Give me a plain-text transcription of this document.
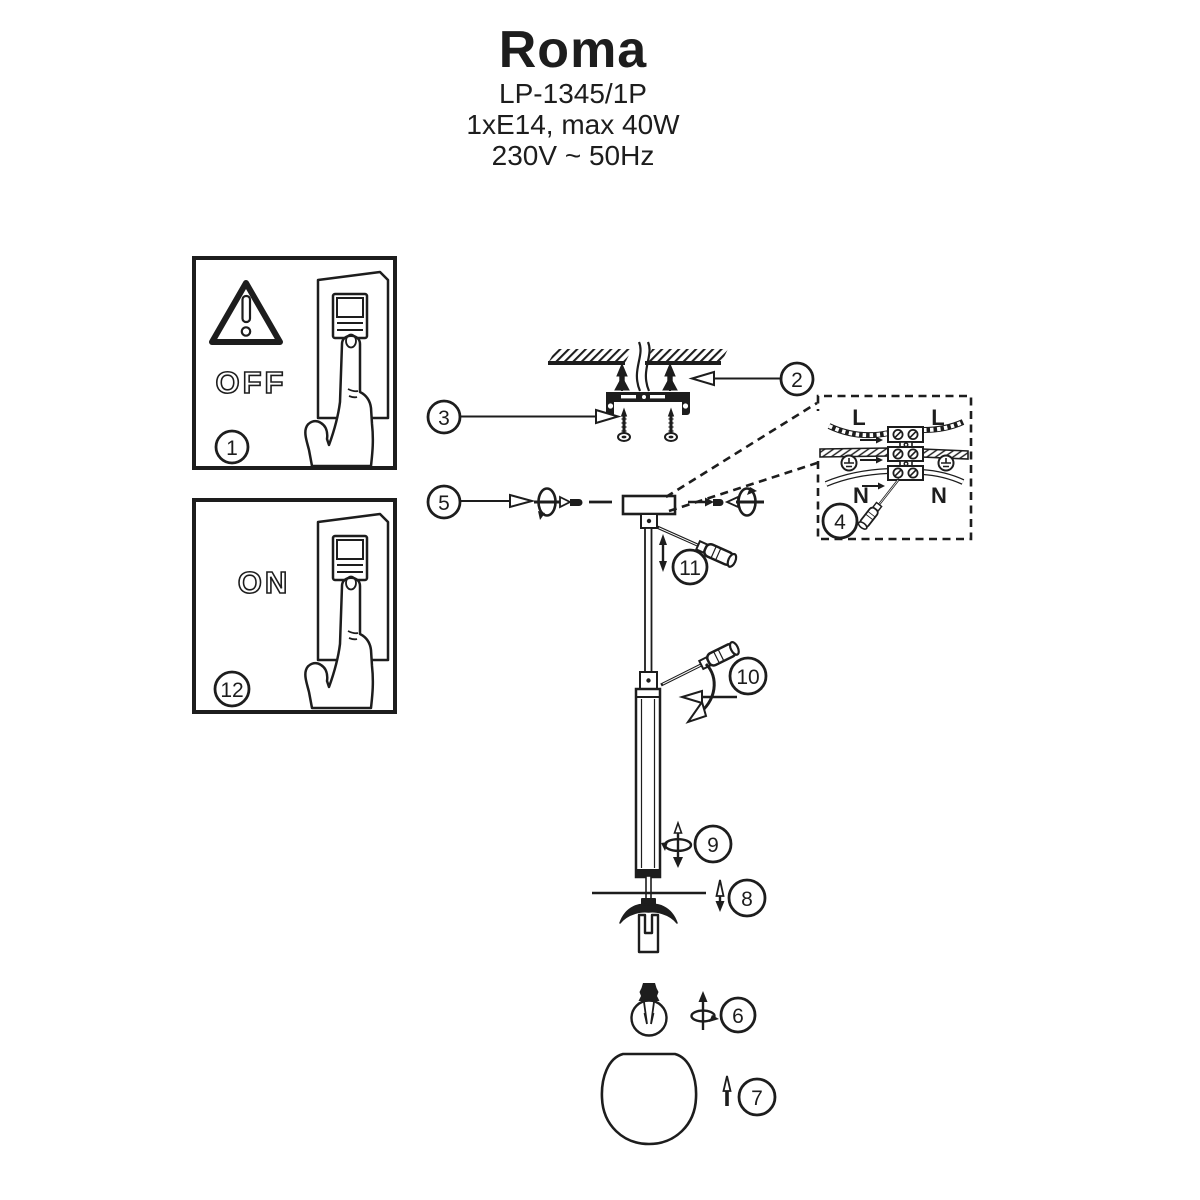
Roma
LP-1345/1P
1xE14, max 40W
230V ~ 50Hz
OFF
1
ON
12
2
3
5
L	L
N	N
4
11
10
9
8
6
7
